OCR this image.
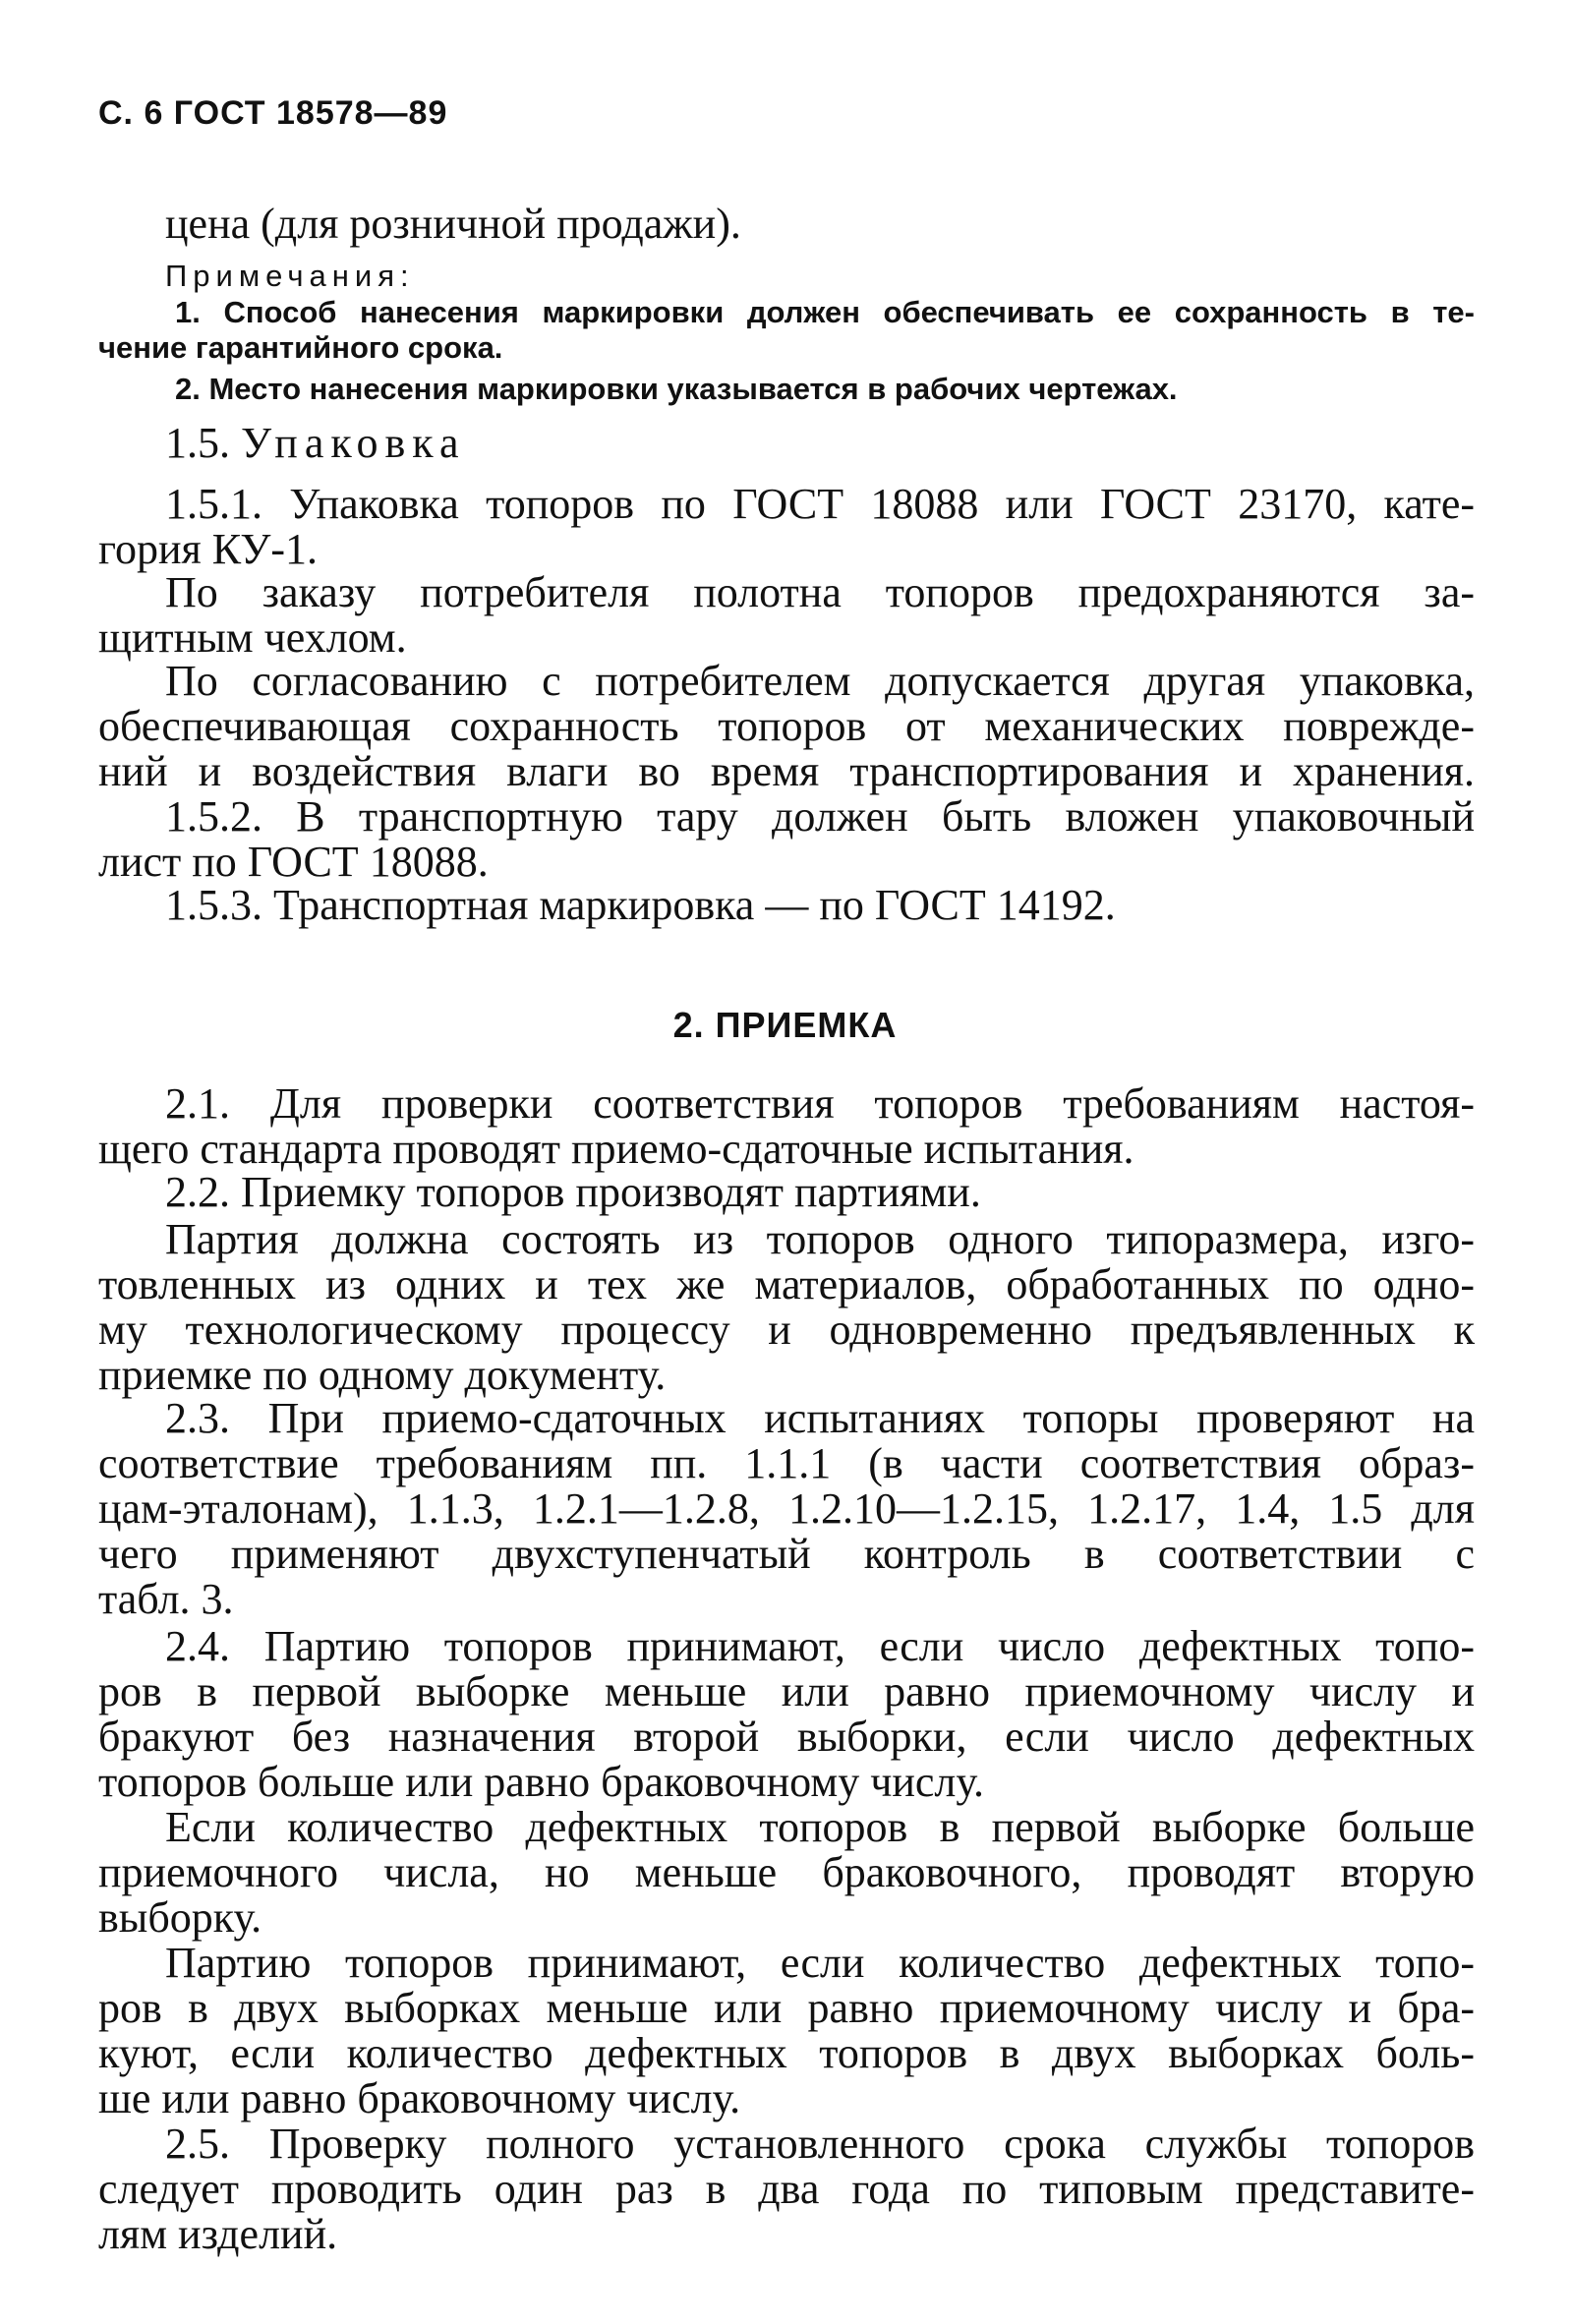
С. 6 ГОСТ 18578—89
цена (для розничной продажи).
Примечания:
1. Способ нанесения маркировки должен обеспечивать ее сохранность в те-
чение гарантийного срока.
2. Место нанесения маркировки указывается в рабочих чертежах.
1.5. Упаковка
1.5.1. Упаковка топоров по ГОСТ 18088 или ГОСТ 23170, кате-
гория КУ-1.
По заказу потребителя полотна топоров предохраняются за-
щитным чехлом.
По согласованию с потребителем допускается другая упаковка,
обеспечивающая сохранность топоров от механических поврежде-
ний и воздействия влаги во время транспортирования и хранения.
1.5.2. В транспортную тару должен быть вложен упаковочный
лист по ГОСТ 18088.
1.5.3. Транспортная маркировка — по ГОСТ 14192.
2. ПРИЕМКА
2.1. Для проверки соответствия топоров требованиям настоя-
щего стандарта проводят приемо-сдаточные испытания.
2.2. Приемку топоров производят партиями.
Партия должна состоять из топоров одного типоразмера, изго-
товленных из одних и тех же материалов, обработанных по одно-
му технологическому процессу и одновременно предъявленных к
приемке по одному документу.
2.3. При приемо-сдаточных испытаниях топоры проверяют на
соответствие требованиям пп. 1.1.1 (в части соответствия образ-
цам-эталонам), 1.1.3, 1.2.1—1.2.8, 1.2.10—1.2.15, 1.2.17, 1.4, 1.5 для
чего применяют двухступенчатый контроль в соответствии с
табл. 3.
2.4. Партию топоров принимают, если число дефектных топо-
ров в первой выборке меньше или равно приемочному числу и
бракуют без назначения второй выборки, если число дефектных
топоров больше или равно браковочному числу.
Если количество дефектных топоров в первой выборке больше
приемочного числа, но меньше браковочного, проводят вторую
выборку.
Партию топоров принимают, если количество дефектных топо-
ров в двух выборках меньше или равно приемочному числу и бра-
куют, если количество дефектных топоров в двух выборках боль-
ше или равно браковочному числу.
2.5. Проверку полного установленного срока службы топоров
следует проводить один раз в два года по типовым представите-
лям изделий.
